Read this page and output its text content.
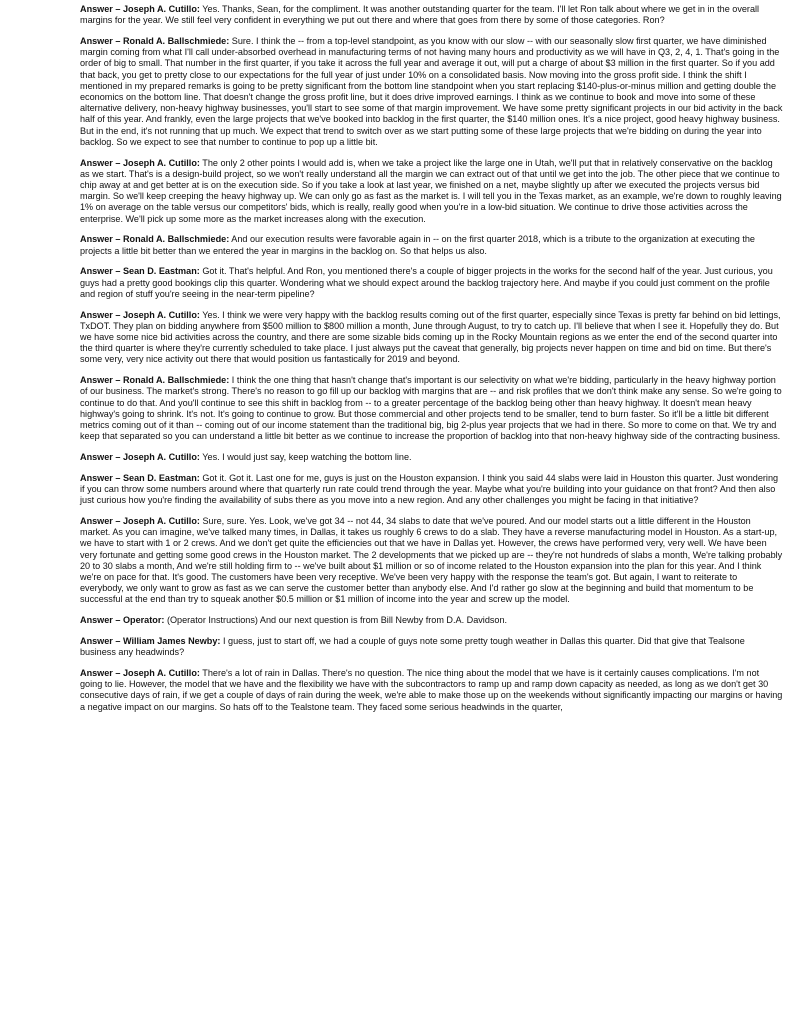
Answer – Joseph A. Cutillo: Yes. Thanks, Sean, for the compliment. It was another outstanding quarter for the team. I'll let Ron talk about where we get in in the overall margins for the year. We still feel very confident in everything we put out there and where that goes from there by some of those categories. Ron?

Answer – Ronald A. Ballschmiede: Sure. I think the -- from a top-level standpoint, as you know with our slow -- with our seasonally slow first quarter, we have diminished margin coming from what I'll call under-absorbed overhead in manufacturing terms of not having many hours and productivity as we will have in Q3, 2, 4, 1. That's going in the order of big to small. That number in the first quarter, if you take it across the full year and average it out, will put a charge of about $3 million in the first quarter. So if you add that back, you get to pretty close to our expectations for the full year of just under 10% on a consolidated basis. Now moving into the gross profit side. I think the shift I mentioned in my prepared remarks is going to be pretty significant from the bottom line standpoint when you start replacing $140-plus-or-minus million and getting double the economics on the bottom line. That doesn't change the gross profit line, but it does drive improved earnings. I think as we continue to book and move into some of these alternative delivery, non-heavy highway businesses, you'll start to see some of that margin improvement. We have some pretty significant projects in our bid activity in the back half of this year. And frankly, even the large projects that we've booked into backlog in the first quarter, the $140 million ones. It's a nice project, good heavy highway business. But in the end, it's not running that up much. We expect that trend to switch over as we start putting some of these large projects that we're bidding on during the year into backlog. So we expect to see that number to continue to pop up a little bit.

Answer – Joseph A. Cutillo: The only 2 other points I would add is, when we take a project like the large one in Utah, we'll put that in relatively conservative on the backlog as we start. That's is a design-build project, so we won't really understand all the margin we can extract out of that until we get into the job. The other piece that we continue to chip away at and get better at is on the execution side. So if you take a look at last year, we finished on a net, maybe slightly up after we executed the projects versus bid margin. So we'll keep creeping the heavy highway up. We can only go as fast as the market is. I will tell you in the Texas market, as an example, we're down to roughly leaving 1% on average on the table versus our competitors' bids, which is really, really good when you're in a low-bid situation. We continue to drive those activities across the enterprise. We'll pick up some more as the market increases along with the execution.

Answer – Ronald A. Ballschmiede: And our execution results were favorable again in -- on the first quarter 2018, which is a tribute to the organization at executing the projects a little bit better than we entered the year in margins in the backlog on. So that helps us also.

Answer – Sean D. Eastman: Got it. That's helpful. And Ron, you mentioned there's a couple of bigger projects in the works for the second half of the year. Just curious, you guys had a pretty good bookings clip this quarter. Wondering what we should expect around the backlog trajectory here. And maybe if you could just comment on the profile and region of stuff you're seeing in the near-term pipeline?

Answer – Joseph A. Cutillo: Yes. I think we were very happy with the backlog results coming out of the first quarter, especially since Texas is pretty far behind on bid lettings, TxDOT. They plan on bidding anywhere from $500 million to $800 million a month, June through August, to try to catch up. I'll believe that when I see it. Hopefully they do. But we have some nice bid activities across the country, and there are some sizable bids coming up in the Rocky Mountain regions as we enter the end of the second quarter into the third quarter is where they're currently scheduled to take place. I just always put the caveat that generally, big projects never happen on time and bid on time. But there's some very, very nice activity out there that would position us fantastically for 2019 and beyond.

Answer – Ronald A. Ballschmiede: I think the one thing that hasn't change that's important is our selectivity on what we're bidding, particularly in the heavy highway portion of our business. The market's strong. There's no reason to go fill up our backlog with margins that are -- and risk profiles that we don't think make any sense. So we're going to continue to do that. And you'll continue to see this shift in backlog from -- to a greater percentage of the backlog being other than heavy highway. It doesn't mean heavy highway's going to shrink. It's not. It's going to continue to grow. But those commercial and other projects tend to be smaller, tend to burn faster. So it'll be a little bit different metrics coming out of it than -- coming out of our income statement than the traditional big, big 2-plus year projects that we had in there. So more to come on that. We try and keep that separated so you can understand a little bit better as we continue to increase the proportion of backlog into that non-heavy highway side of the contracting business.

Answer – Joseph A. Cutillo: Yes. I would just say, keep watching the bottom line.

Answer – Sean D. Eastman: Got it. Got it. Last one for me, guys is just on the Houston expansion. I think you said 44 slabs were laid in Houston this quarter. Just wondering if you can throw some numbers around where that quarterly run rate could trend through the year. Maybe what you're building into your guidance on that front? And then also just curious how you're finding the availability of subs there as you move into a new region. And any other challenges you might be facing in that initiative?

Answer – Joseph A. Cutillo: Sure, sure. Yes. Look, we've got 34 -- not 44, 34 slabs to date that we've poured. And our model starts out a little different in the Houston market. As you can imagine, we've talked many times, in Dallas, it takes us roughly 6 crews to do a slab. They have a reverse manufacturing model in Houston. As a start-up, we have to start with 1 or 2 crews. And we don't get quite the efficiencies out that we have in Dallas yet. However, the crews have performed very, very well. We have been very fortunate and getting some good crews in the Houston market. The 2 developments that we picked up are -- they're not hundreds of slabs a month, We're talking probably 20 to 30 slabs a month, And we're still holding firm to -- we've built about $1 million or so of income related to the Houston expansion into the plan for this year. And I think we're on pace for that. It's good. The customers have been very receptive. We've been very happy with the response the team's got. But again, I want to reiterate to everybody, we only want to grow as fast as we can serve the customer better than anybody else. And I'd rather go slow at the beginning and build that momentum to be successful at the end than try to squeak another $0.5 million or $1 million of income into the year and screw up the model.

Answer – Operator: (Operator Instructions) And our next question is from Bill Newby from D.A. Davidson.

Answer – William James Newby: I guess, just to start off, we had a couple of guys note some pretty tough weather in Dallas this quarter. Did that give that Tealsone business any headwinds?

Answer – Joseph A. Cutillo: There's a lot of rain in Dallas. There's no question. The nice thing about the model that we have is it certainly causes complications. I'm not going to lie. However, the model that we have and the flexibility we have with the subcontractors to ramp up and ramp down capacity as needed, as long as we don't get 30 consecutive days of rain, if we get a couple of days of rain during the week, we're able to make those up on the weekends without significantly impacting our margins or having a negative impact on our margins. So hats off to the Tealstone team. They faced some serious headwinds in the quarter,
